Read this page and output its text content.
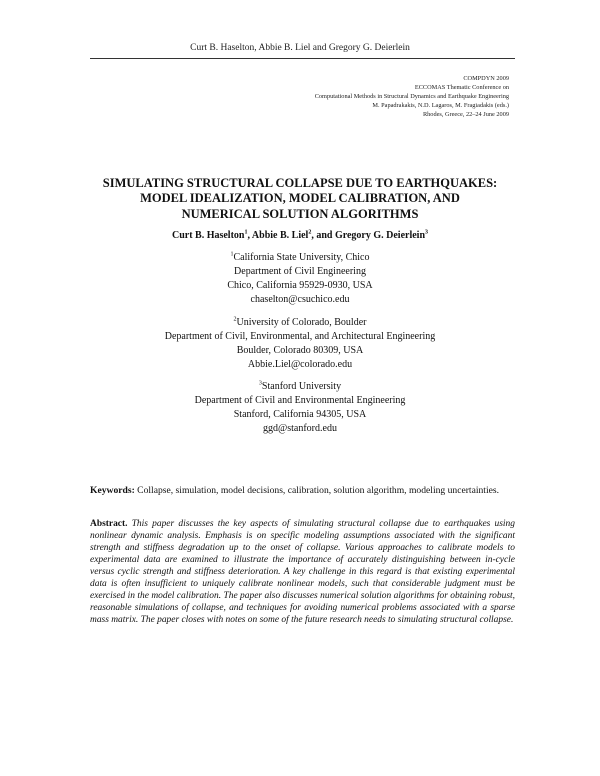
Curt B. Haselton, Abbie B. Liel and Gregory G. Deierlein
COMPDYN 2009
ECCOMAS Thematic Conference on
Computational Methods in Structural Dynamics and Earthquake Engineering
M. Papadrakakis, N.D. Lagaros, M. Fragiadakis (eds.)
Rhodes, Greece, 22–24 June 2009
SIMULATING STRUCTURAL COLLAPSE DUE TO EARTHQUAKES:
MODEL IDEALIZATION, MODEL CALIBRATION, AND
NUMERICAL SOLUTION ALGORITHMS
Curt B. Haselton$^1$, Abbie B. Liel$^2$, and Gregory G. Deierlein$^3$
$^1$California State University, Chico
Department of Civil Engineering
Chico, California 95929-0930, USA
chaselton@csuchico.edu
$^2$University of Colorado, Boulder
Department of Civil, Environmental, and Architectural Engineering
Boulder, Colorado 80309, USA
Abbie.Liel@colorado.edu
$^3$Stanford University
Department of Civil and Environmental Engineering
Stanford, California 94305, USA
ggd@stanford.edu
Keywords: Collapse, simulation, model decisions, calibration, solution algorithm, modeling uncertainties.
Abstract. This paper discusses the key aspects of simulating structural collapse due to earthquakes using nonlinear dynamic analysis. Emphasis is on specific modeling assumptions associated with the significant strength and stiffness degradation up to the onset of collapse. Various approaches to calibrate models to experimental data are examined to illustrate the importance of accurately distinguishing between in-cycle versus cyclic strength and stiffness deterioration. A key challenge in this regard is that existing experimental data is often insufficient to uniquely calibrate nonlinear models, such that considerable judgment must be exercised in the model calibration. The paper also discusses numerical solution algorithms for obtaining robust, reasonable simulations of collapse, and techniques for avoiding numerical problems associated with a sparse mass matrix. The paper closes with notes on some of the future research needs to simulating structural collapse.
